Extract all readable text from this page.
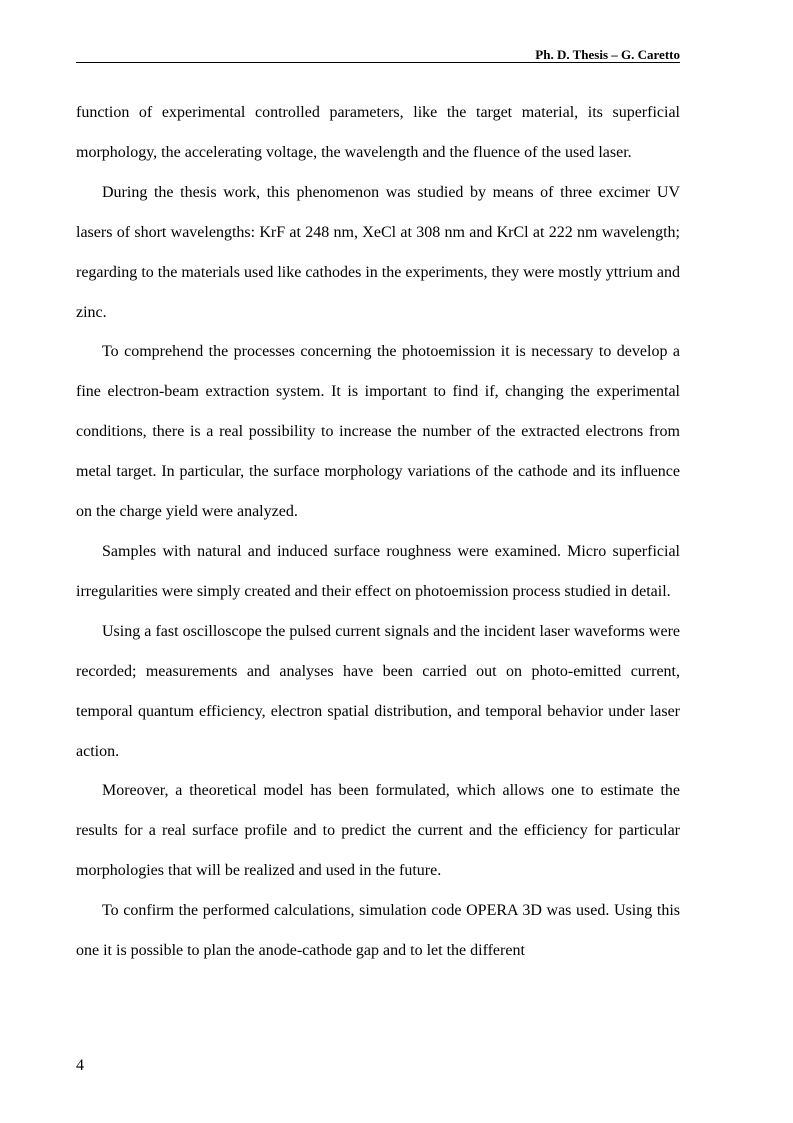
Ph. D. Thesis – G. Caretto

function of experimental controlled parameters, like the target material, its superficial morphology, the accelerating voltage, the wavelength and the fluence of the used laser.

During the thesis work, this phenomenon was studied by means of three excimer UV lasers of short wavelengths: KrF at 248 nm, XeCl at 308 nm and KrCl at 222 nm wavelength; regarding to the materials used like cathodes in the experiments, they were mostly yttrium and zinc.

To comprehend the processes concerning the photoemission it is necessary to develop a fine electron-beam extraction system. It is important to find if, changing the experimental conditions, there is a real possibility to increase the number of the extracted electrons from metal target. In particular, the surface morphology variations of the cathode and its influence on the charge yield were analyzed.

Samples with natural and induced surface roughness were examined. Micro superficial irregularities were simply created and their effect on photoemission process studied in detail.

Using a fast oscilloscope the pulsed current signals and the incident laser waveforms were recorded; measurements and analyses have been carried out on photo-emitted current, temporal quantum efficiency, electron spatial distribution, and temporal behavior under laser action.

Moreover, a theoretical model has been formulated, which allows one to estimate the results for a real surface profile and to predict the current and the efficiency for particular morphologies that will be realized and used in the future.

To confirm the performed calculations, simulation code OPERA 3D was used. Using this one it is possible to plan the anode-cathode gap and to let the different

4
